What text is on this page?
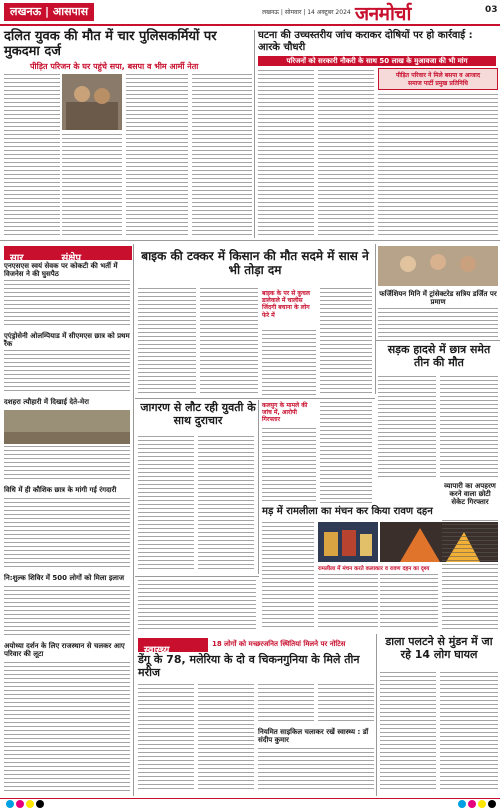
लखनऊ | आसपास	लखनऊ | सोमवार | 14 अक्टूबर 2024 जनमोर्चा	03
दलित युवक की मौत में चार पुलिसकर्मियों पर मुकदमा दर्ज
पीड़ित परिजन के घर पहुंचे सपा, बसपा व भीम आर्मी नेता
घटना की उच्चस्तरीय जांच कराकर दोषियों पर हो कार्रवाई : आरके चौधरी
परिजनों को सरकारी नौकरी के साथ 50 लाख के मुआवजा की भी मांग
पीड़ित परिवार ने मिले बसपा व आजाद
समाज पार्टी प्रमुख प्रतिनिधि
सार	संक्षेप
एनएसएस स्वयं सेवक पर कोकटी की भर्ती में विजनेस ने की घुसपैठ
एएंड्रोसेनी ओलम्पियाड में सीएमएस छात्र को प्रथम रैंक
दशहरा त्यौहारी में दिखाई देते-मेरा
विधि में ही कौशिक छात्र के मांगी गई रंगदारी
नि:शुल्क शिविर में 500 लोगों को मिला इलाज
अयोध्या दर्शन के लिए राजस्थान से चलकर आए परिवार की लूटा
बाइक की टक्कर में किसान की मौत सदमे में सास ने भी तोड़ा दम
बाइक के पर से कुचल डालेवाले में चालीस जिंदगी बचाना के लोग फेरे में
फर्जिशियन मिनि में ट्रांसेक्टरेड सत्रिय डर्जित पर प्रमाण
सड़क हादसे में छात्र समेत तीन की मौत
जागरण से लौट रही युवती के साथ दुराचार
कलयुग के मामले की जांच में, आरोपी गिरफ्तार
मड़ में रामलीला का मंचन कर किया रावण दहन
रामलीला में मंचन करते कलाकार व रावण दहन का दृश्य
व्यापारी का अपहरण करने वाला छोटी सेकेट गिरफ्तार
स्वास्थ्य
18 लोगों को मच्छरजनित स्थितियां मिलने पर नोटिस
डेंगू के 78, मलेरिया के दो व चिकनगुनिया के मिले तीन मरीज
नियमित साइकिल चलाकर रखें स्वास्थ्य : डॉ संदीप कुमार
डाला पलटने से मुंडन में जा रहे 14 लोग घायल
